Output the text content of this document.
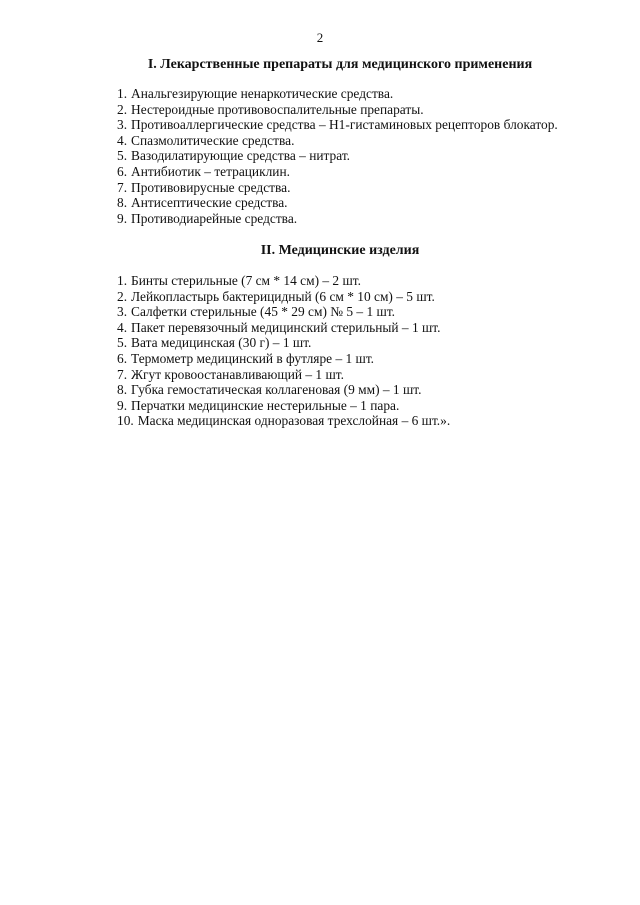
2
I. Лекарственные препараты для медицинского применения
1. Анальгезирующие ненаркотические средства.
2. Нестероидные противовоспалительные препараты.
3. Противоаллергические средства – Н1-гистаминовых рецепторов блокатор.
4. Спазмолитические средства.
5. Вазодилатирующие средства – нитрат.
6. Антибиотик – тетрациклин.
7. Противовирусные средства.
8. Антисептические средства.
9. Противодиарейные средства.
II. Медицинские изделия
1. Бинты стерильные (7 см * 14 см) – 2 шт.
2. Лейкопластырь бактерицидный (6 см * 10 см) – 5 шт.
3. Салфетки стерильные (45 * 29 см) № 5 – 1 шт.
4. Пакет перевязочный медицинский стерильный – 1 шт.
5. Вата медицинская (30 г) – 1 шт.
6. Термометр медицинский в футляре – 1 шт.
7. Жгут кровоостанавливающий – 1 шт.
8. Губка гемостатическая коллагеновая (9 мм) – 1 шт.
9. Перчатки медицинские нестерильные – 1 пара.
10. Маска медицинская одноразовая трехслойная – 6 шт.».
